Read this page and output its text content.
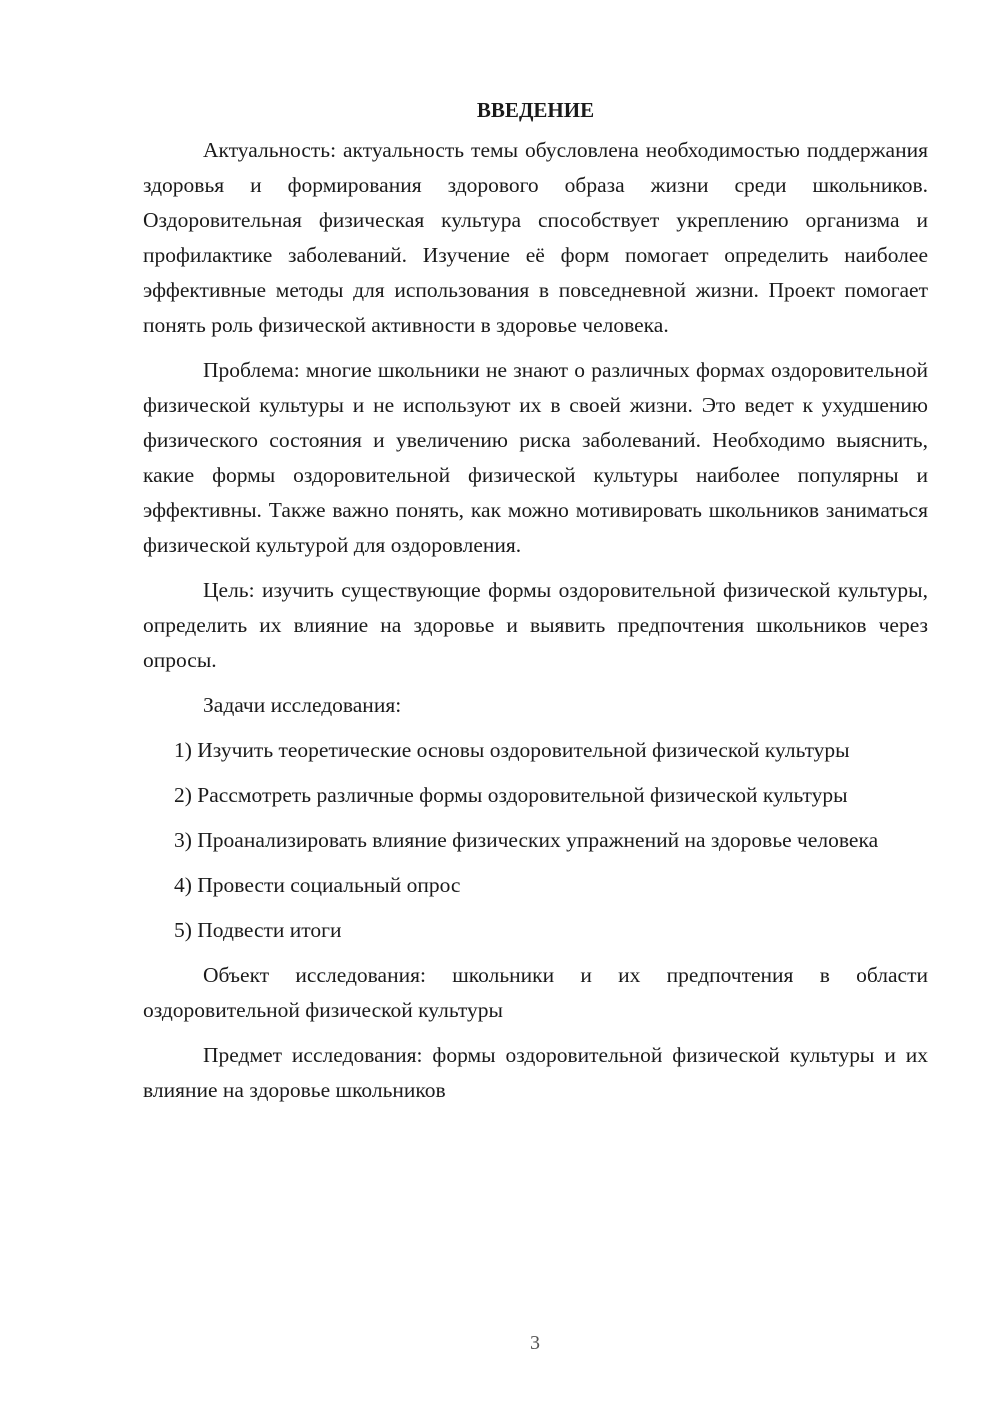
ВВЕДЕНИЕ

Актуальность: актуальность темы обусловлена необходимостью поддержания здоровья и формирования здорового образа жизни среди школьников. Оздоровительная физическая культура способствует укреплению организма и профилактике заболеваний. Изучение её форм помогает определить наиболее эффективные методы для использования в повседневной жизни. Проект помогает понять роль физической активности в здоровье человека.

Проблема: многие школьники не знают о различных формах оздоровительной физической культуры и не используют их в своей жизни. Это ведет к ухудшению физического состояния и увеличению риска заболеваний. Необходимо выяснить, какие формы оздоровительной физической культуры наиболее популярны и эффективны. Также важно понять, как можно мотивировать школьников заниматься физической культурой для оздоровления.

Цель: изучить существующие формы оздоровительной физической культуры, определить их влияние на здоровье и выявить предпочтения школьников через опросы.

Задачи исследования:

1) Изучить теоретические основы оздоровительной физической культуры

2) Рассмотреть различные формы оздоровительной физической культуры

3) Проанализировать влияние физических упражнений на здоровье человека

4) Провести социальный опрос

5) Подвести итоги

Объект исследования: школьники и их предпочтения в области оздоровительной физической культуры

Предмет исследования: формы оздоровительной физической культуры и их влияние на здоровье школьников

3
